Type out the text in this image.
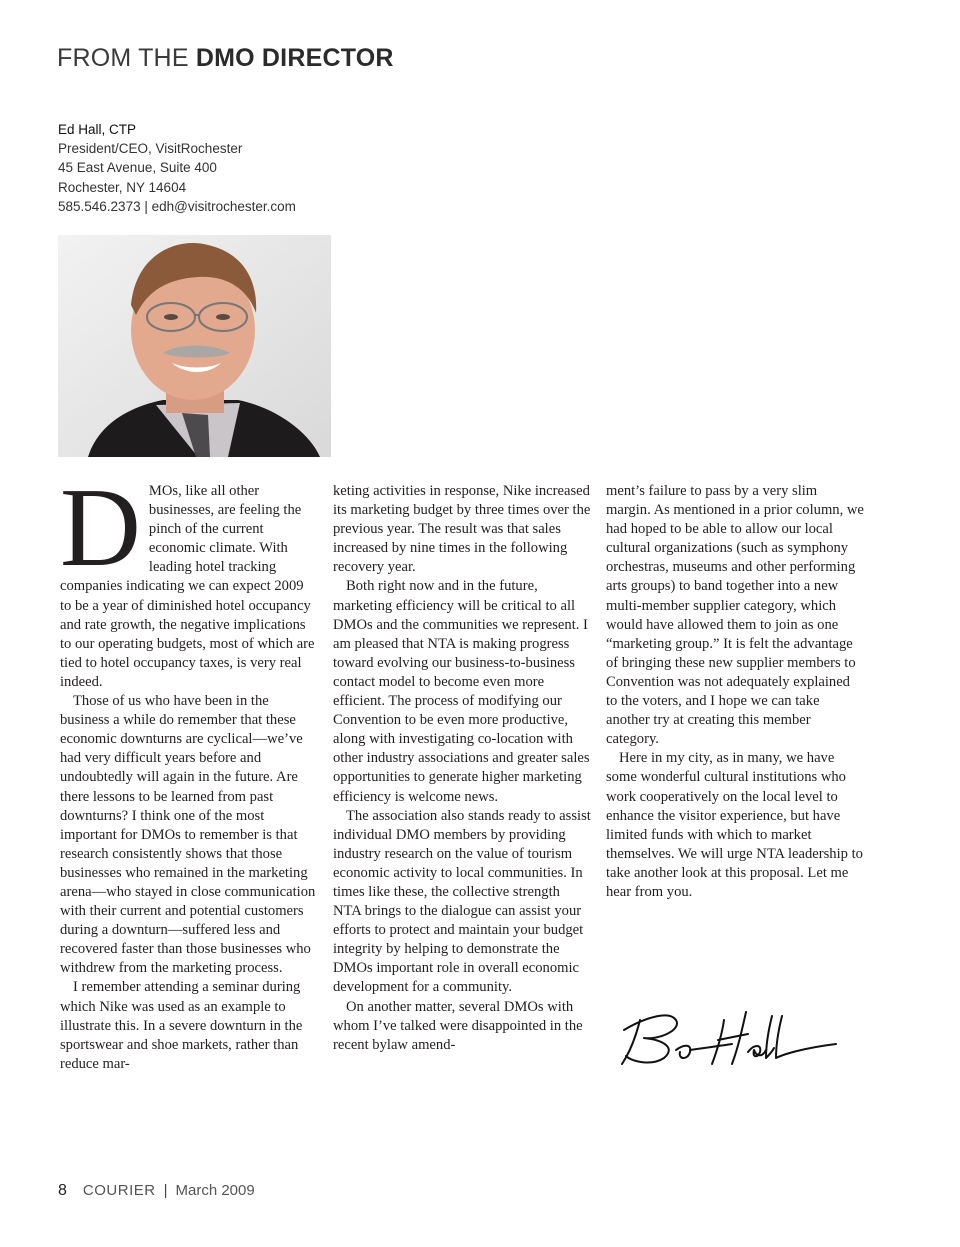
FROM THE DMO DIRECTOR
Ed Hall, CTP
President/CEO, VisitRochester
45 East Avenue, Suite 400
Rochester, NY 14604
585.546.2373 | edh@visitrochester.com

D MOs, like all other businesses, are feeling the pinch of the current economic climate. With leading hotel tracking companies indicating we can expect 2009 to be a year of diminished hotel occupancy and rate growth, the negative implications to our operating budgets, most of which are tied to hotel occupancy taxes, is very real indeed.

Those of us who have been in the business a while do remember that these economic downturns are cyclical—we’ve had very difficult years before and undoubtedly will again in the future. Are there lessons to be learned from past downturns? I think one of the most important for DMOs to remember is that research consistently shows that those businesses who remained in the marketing arena—who stayed in close communication with their current and potential customers during a downturn—suffered less and recovered faster than those businesses who withdrew from the marketing process.

I remember attending a seminar during which Nike was used as an example to illustrate this. In a severe downturn in the sportswear and shoe markets, rather than reduce mar-

keting activities in response, Nike increased its marketing budget by three times over the previous year. The result was that sales increased by nine times in the following recovery year.

Both right now and in the future, marketing efficiency will be critical to all DMOs and the communities we represent. I am pleased that NTA is making progress toward evolving our business-to-business contact model to become even more efficient. The process of modifying our Convention to be even more productive, along with investigating co-location with other industry associations and greater sales opportunities to generate higher marketing efficiency is welcome news.

The association also stands ready to assist individual DMO members by providing industry research on the value of tourism economic activity to local communities. In times like these, the collective strength NTA brings to the dialogue can assist your efforts to protect and maintain your budget integrity by helping to demonstrate the DMOs important role in overall economic development for a community.

On another matter, several DMOs with whom I’ve talked were disappointed in the recent bylaw amend-

ment’s failure to pass by a very slim margin. As mentioned in a prior column, we had hoped to be able to allow our local cultural organizations (such as symphony orchestras, museums and other performing arts groups) to band together into a new multi-member supplier category, which would have allowed them to join as one “marketing group.” It is felt the advantage of bringing these new supplier members to Convention was not adequately explained to the voters, and I hope we can take another try at creating this member category.

Here in my city, as in many, we have some wonderful cultural institutions who work cooperatively on the local level to enhance the visitor experience, but have limited funds with which to market themselves. We will urge NTA leadership to take another look at this proposal. Let me hear from you.

8 COURIER | March 2009
